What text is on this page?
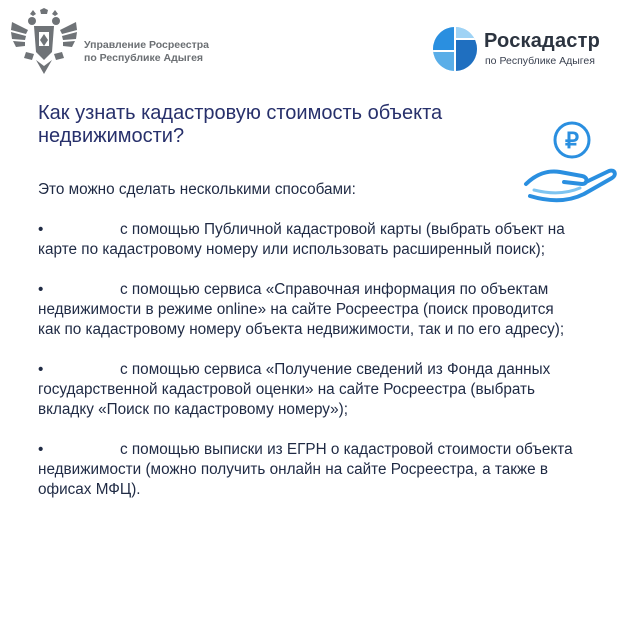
Управление Росреестра
по Республике Адыгея
Роскадастр
по Республике Адыгея
Как узнать кадастровую стоимость объекта
недвижимости?	₽
Это можно сделать несколькими способами:
•	с помощью Публичной кадастровой карты (выбрать объект на карте по кадастровому номеру или использовать расширенный поиск);
•	с помощью сервиса «Справочная информация по объектам недвижимости в режиме online» на сайте Росреестра (поиск проводится как по кадастровому номеру объекта недвижимости, так и по его адресу);
•	с помощью сервиса «Получение сведений из Фонда данных государственной кадастровой оценки» на сайте Росреестра (выбрать вкладку «Поиск по кадастровому номеру»);
•	с помощью выписки из ЕГРН о кадастровой стоимости объекта недвижимости (можно получить онлайн на сайте Росреестра, а также в офисах МФЦ).
